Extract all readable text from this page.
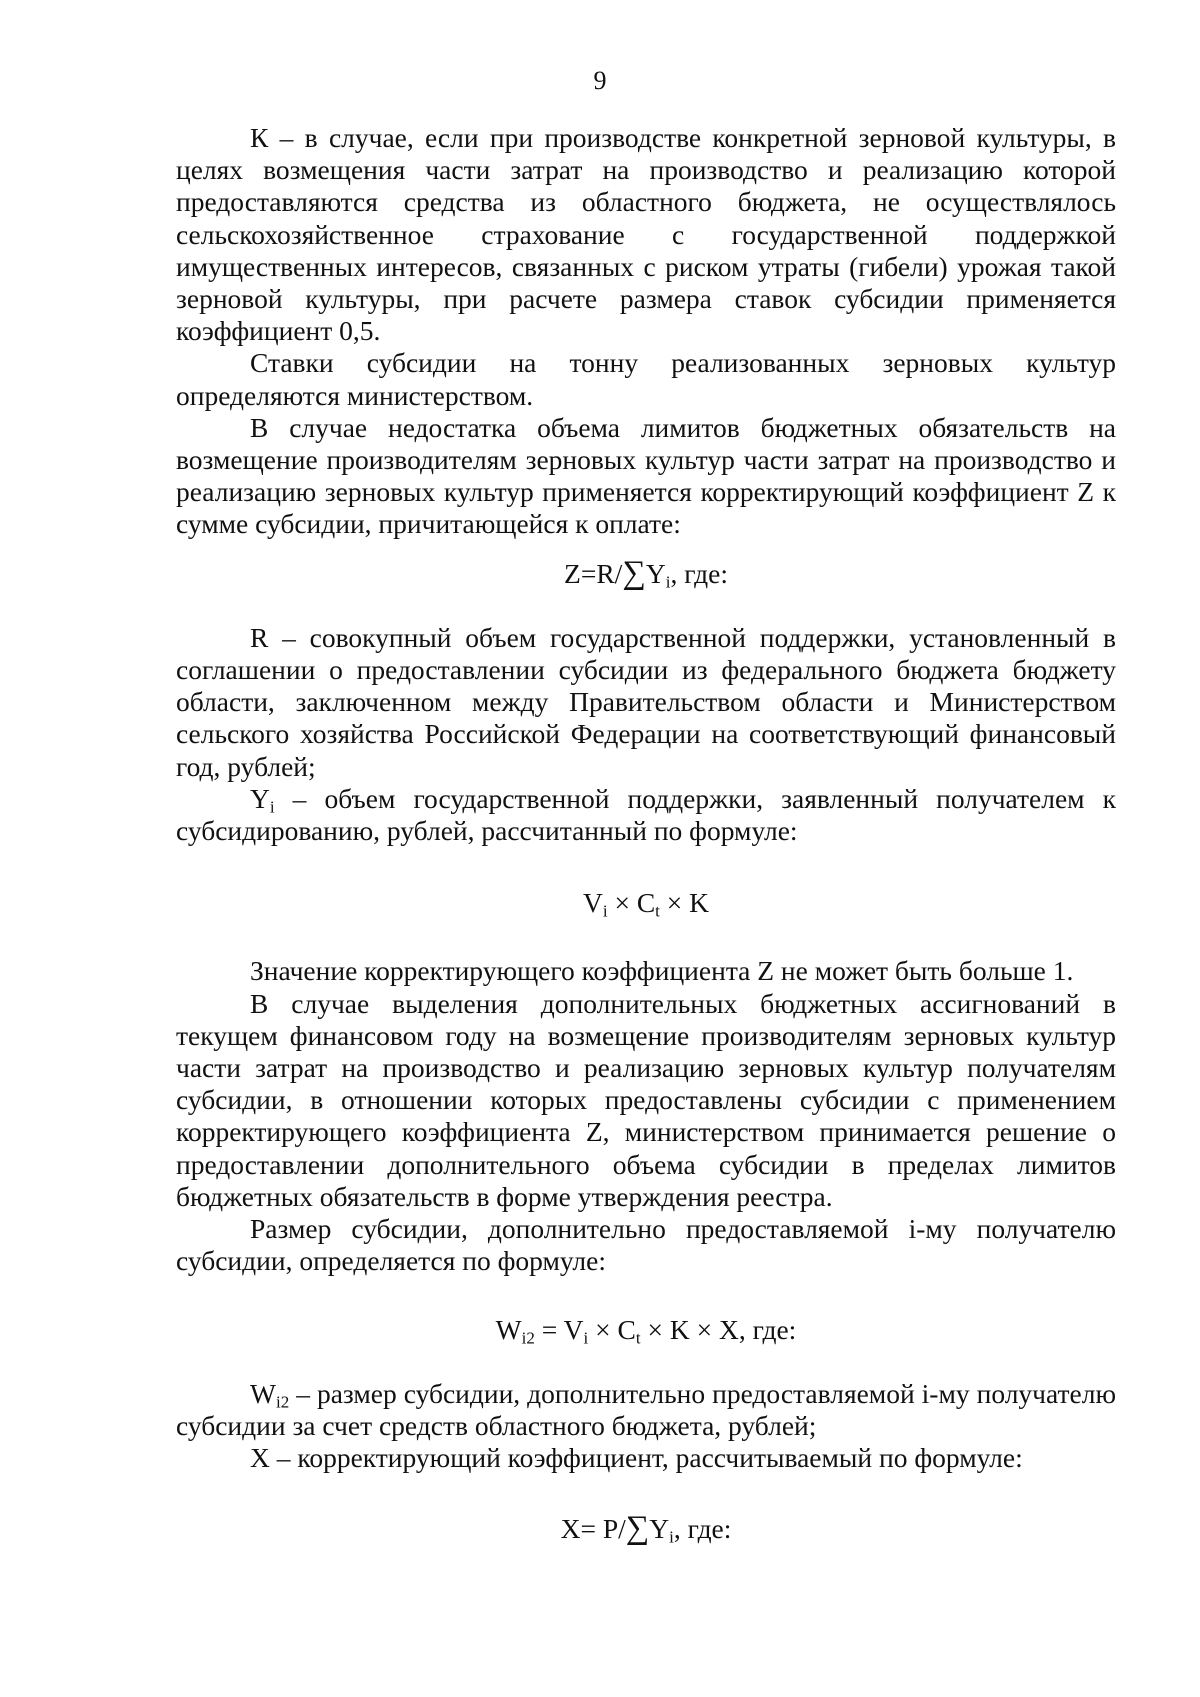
9

К – в случае, если при производстве конкретной зерновой культуры, в целях возмещения части затрат на производство и реализацию которой предоставляются средства из областного бюджета, не осуществлялось сельскохозяйственное страхование с государственной поддержкой имущественных интересов, связанных с риском утраты (гибели) урожая такой зерновой культуры, при расчете размера ставок субсидии применяется коэффициент 0,5.

Ставки субсидии на тонну реализованных зерновых культур определяются министерством.

В случае недостатка объема лимитов бюджетных обязательств на возмещение производителям зерновых культур части затрат на производство и реализацию зерновых культур применяется корректирующий коэффициент Z к сумме субсидии, причитающейся к оплате:

$Z=R/\sum Y_i$, где:

R – совокупный объем государственной поддержки, установленный в соглашении о предоставлении субсидии из федерального бюджета бюджету области, заключенном между Правительством области и Министерством сельского хозяйства Российской Федерации на соответствующий финансовый год, рублей;

$Y_i$ – объем государственной поддержки, заявленный получателем к субсидированию, рублей, рассчитанный по формуле:

$V_i \times C_t \times K$

Значение корректирующего коэффициента Z не может быть больше 1.

В случае выделения дополнительных бюджетных ассигнований в текущем финансовом году на возмещение производителям зерновых культур части затрат на производство и реализацию зерновых культур получателям субсидии, в отношении которых предоставлены субсидии с применением корректирующего коэффициента Z, министерством принимается решение о предоставлении дополнительного объема субсидии в пределах лимитов бюджетных обязательств в форме утверждения реестра.

Размер субсидии, дополнительно предоставляемой i-му получателю субсидии, определяется по формуле:

$W_{i2} = V_i \times C_t \times K \times X$, где:

$W_{i2}$ – размер субсидии, дополнительно предоставляемой i-му получателю субсидии за счет средств областного бюджета, рублей;

X – корректирующий коэффициент, рассчитываемый по формуле:

$X= P/\sum Y_i$, где:
